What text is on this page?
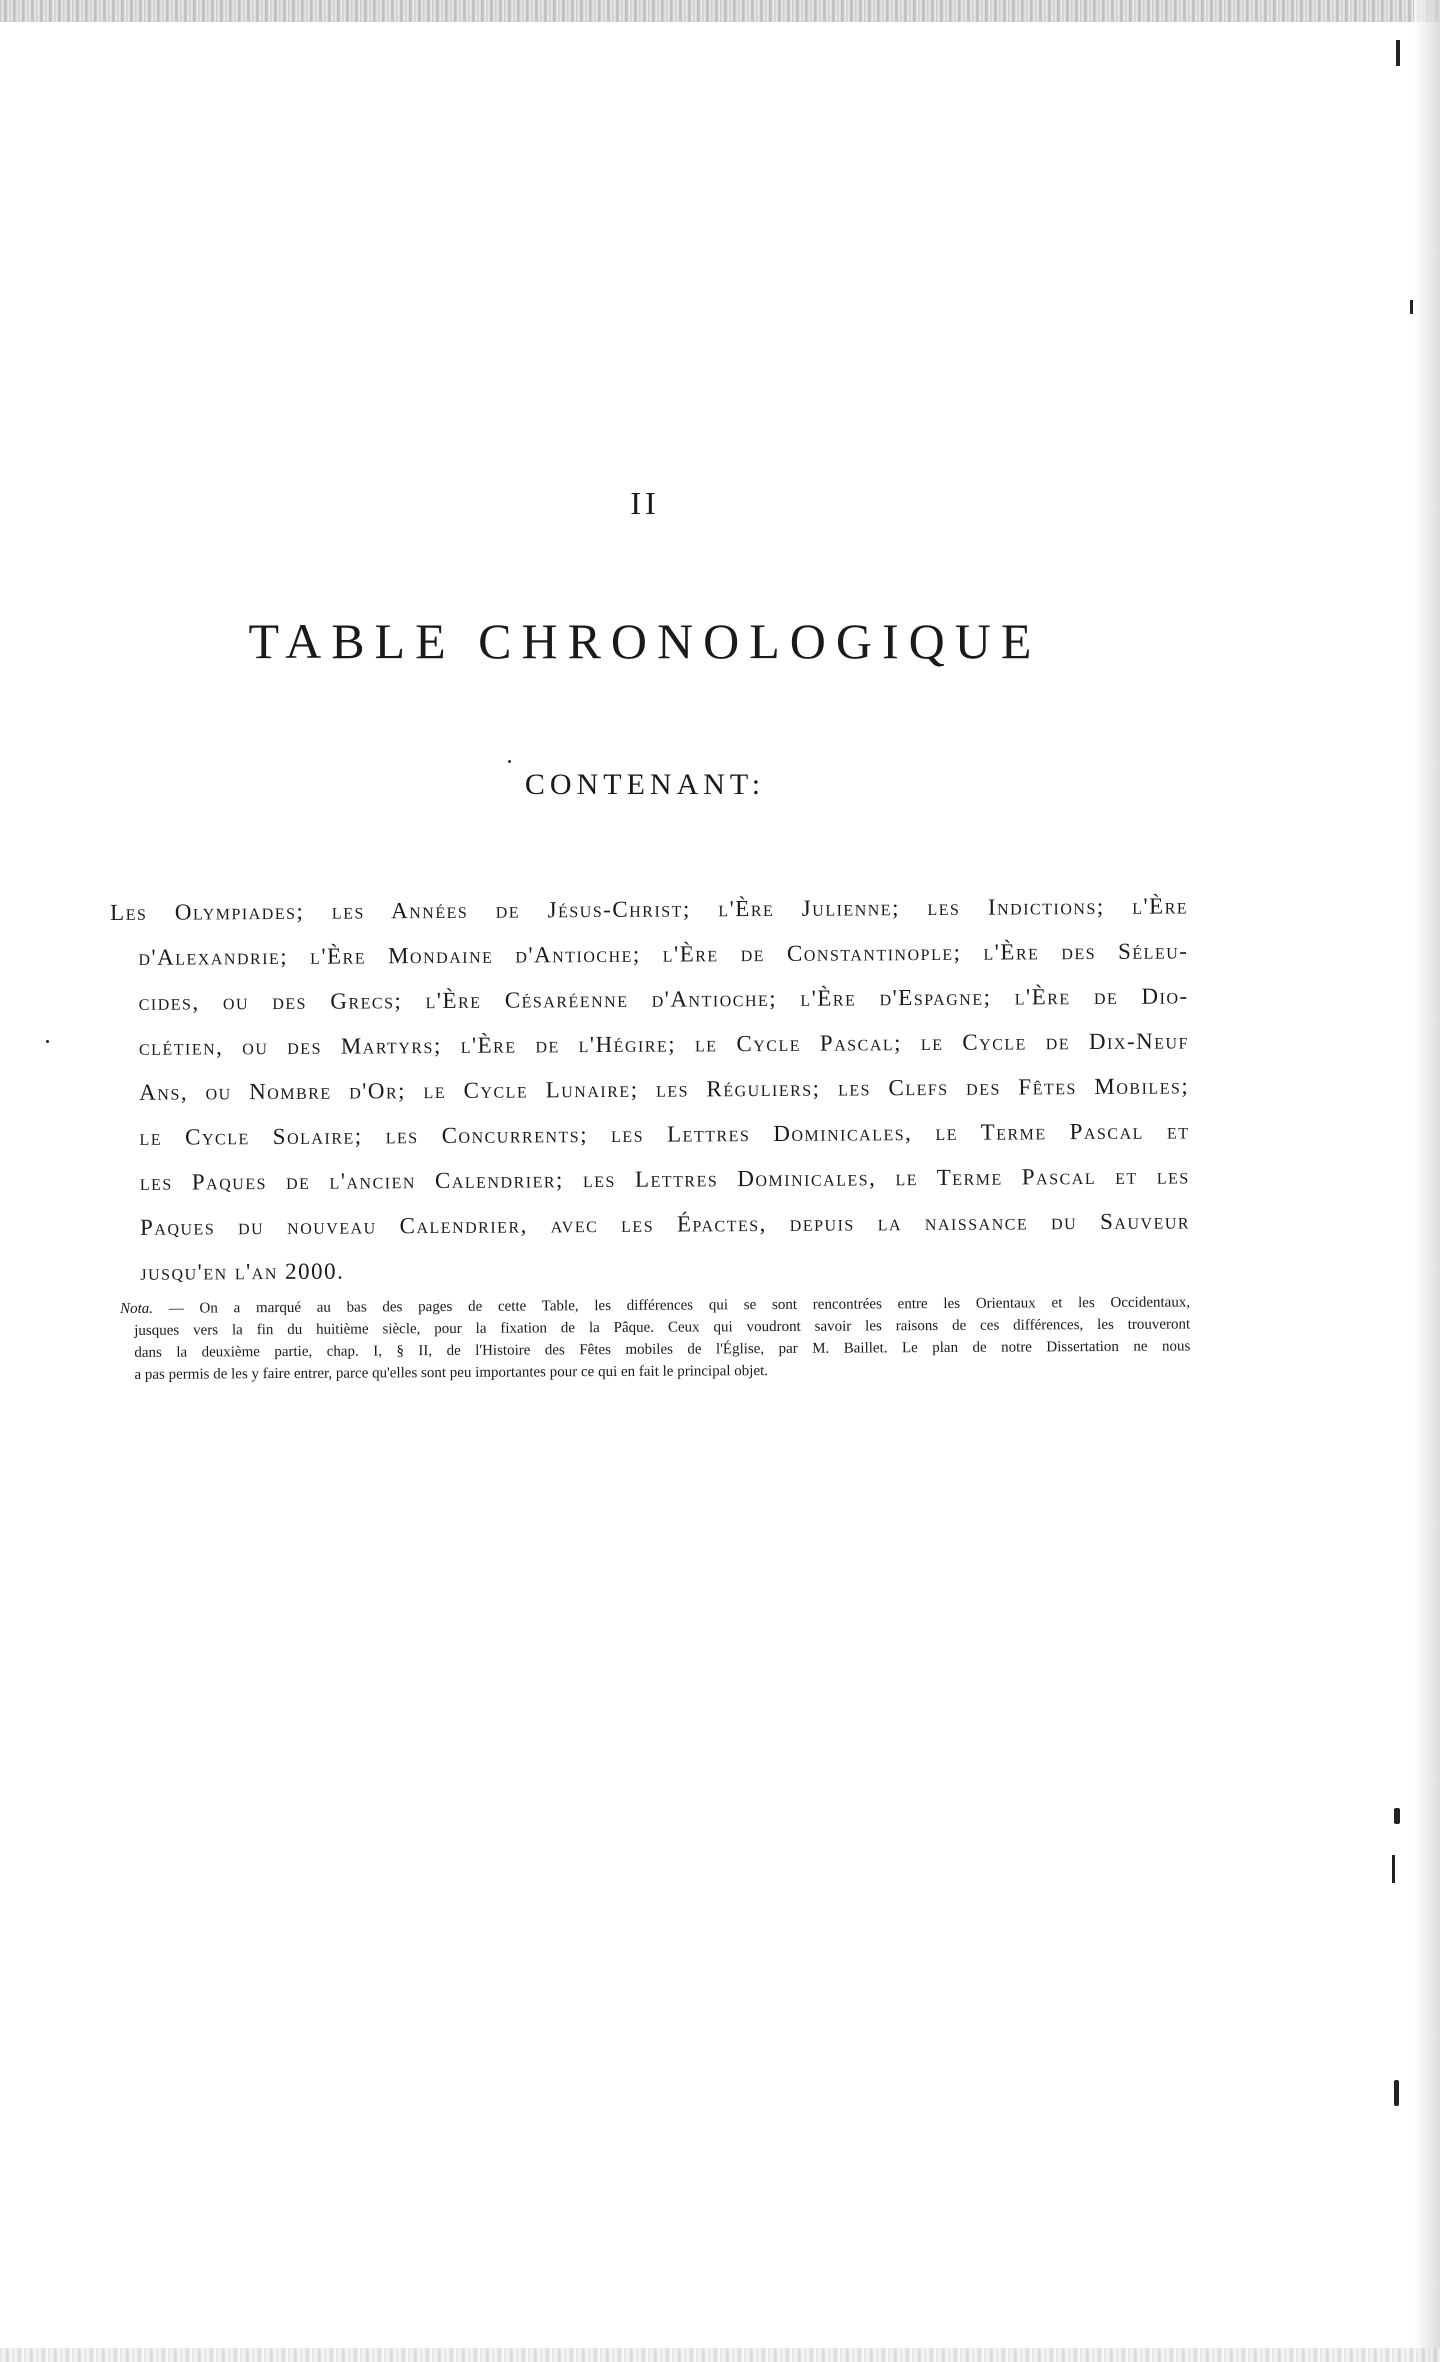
II
TABLE CHRONOLOGIQUE
CONTENANT:
Les Olympiades; les Années de Jésus-Christ; l'Ère Julienne; les Indictions; l'Ère
d'Alexandrie; l'Ère Mondaine d'Antioche; l'Ère de Constantinople; l'Ère des Séleu-
cides, ou des Grecs; l'Ère Césaréenne d'Antioche; l'Ère d'Espagne; l'Ère de Dio-
clétien, ou des Martyrs; l'Ère de l'Hégire; le Cycle Pascal; le Cycle de Dix-Neuf
Ans, ou Nombre d'Or; le Cycle Lunaire; les Réguliers; les Clefs des Fêtes Mobiles;
le Cycle Solaire; les Concurrents; les Lettres Dominicales, le Terme Pascal et
les Paques de l'ancien Calendrier; les Lettres Dominicales, le Terme Pascal et les
Paques du nouveau Calendrier, avec les Épactes, depuis la naissance du Sauveur
jusqu'en l'an 2000.
Nota. — On a marqué au bas des pages de cette Table, les différences qui se sont rencontrées entre les Orientaux et les Occidentaux,
jusques vers la fin du huitième siècle, pour la fixation de la Pâque. Ceux qui voudront savoir les raisons de ces différences, les trouveront
dans la deuxième partie, chap. I, § II, de l'Histoire des Fêtes mobiles de l'Église, par M. Baillet. Le plan de notre Dissertation ne nous
a pas permis de les y faire entrer, parce qu'elles sont peu importantes pour ce qui en fait le principal objet.
